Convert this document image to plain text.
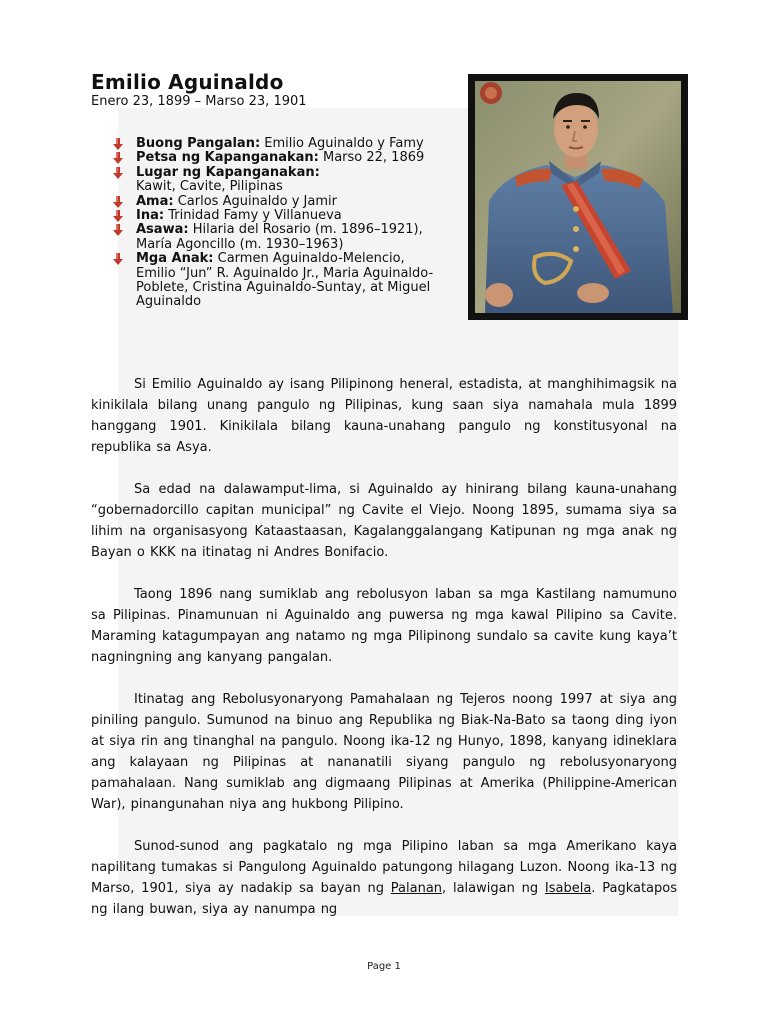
Emilio Aguinaldo
Enero 23, 1899 – Marso 23, 1901
Buong Pangalan: Emilio Aguinaldo y Famy
Petsa ng Kapanganakan: Marso 22, 1869
Lugar ng Kapanganakan:
Kawit, Cavite, Pilipinas
Ama: Carlos Aguinaldo y Jamir
Ina: Trinidad Famy y Villanueva
Asawa: Hilaria del Rosario (m. 1896–1921), María Agoncillo (m. 1930–1963)
Mga Anak: Carmen Aguinaldo-Melencio, Emilio “Jun” R. Aguinaldo Jr., Maria Aguinaldo-Poblete, Cristina Aguinaldo-Suntay, at Miguel Aguinaldo

Si Emilio Aguinaldo ay isang Pilipinong heneral, estadista, at manghihimagsik na kinikilala bilang unang pangulo ng Pilipinas, kung saan siya namahala mula 1899 hanggang 1901. Kinikilala bilang kauna-unahang pangulo ng konstitusyonal na republika sa Asya.

Sa edad na dalawamput-lima, si Aguinaldo ay hinirang bilang kauna-unahang “gobernadorcillo capitan municipal” ng Cavite el Viejo. Noong 1895, sumama siya sa lihim na organisasyong Kataastaasan, Kagalanggalangang Katipunan ng mga anak ng Bayan o KKK na itinatag ni Andres Bonifacio.

Taong 1896 nang sumiklab ang rebolusyon laban sa mga Kastilang namumuno sa Pilipinas. Pinamunuan ni Aguinaldo ang puwersa ng mga kawal Pilipino sa Cavite. Maraming katagumpayan ang natamo ng mga Pilipinong sundalo sa cavite kung kaya’t nagningning ang kanyang pangalan.

Itinatag ang Rebolusyonaryong Pamahalaan ng Tejeros noong 1997 at siya ang piniling pangulo. Sumunod na binuo ang Republika ng Biak-Na-Bato sa taong ding iyon at siya rin ang tinanghal na pangulo. Noong ika-12 ng Hunyo, 1898, kanyang idineklara ang kalayaan ng Pilipinas at nananatili siyang pangulo ng rebolusyonaryong pamahalaan. Nang sumiklab ang digmaang Pilipinas at Amerika (Philippine-American War), pinangunahan niya ang hukbong Pilipino.

Sunod-sunod ang pagkatalo ng mga Pilipino laban sa mga Amerikano kaya napilitang tumakas si Pangulong Aguinaldo patungong hilagang Luzon. Noong ika-13 ng Marso, 1901, siya ay nadakip sa bayan ng Palanan, lalawigan ng Isabela. Pagkatapos ng ilang buwan, siya ay nanumpa ng

Page 1
